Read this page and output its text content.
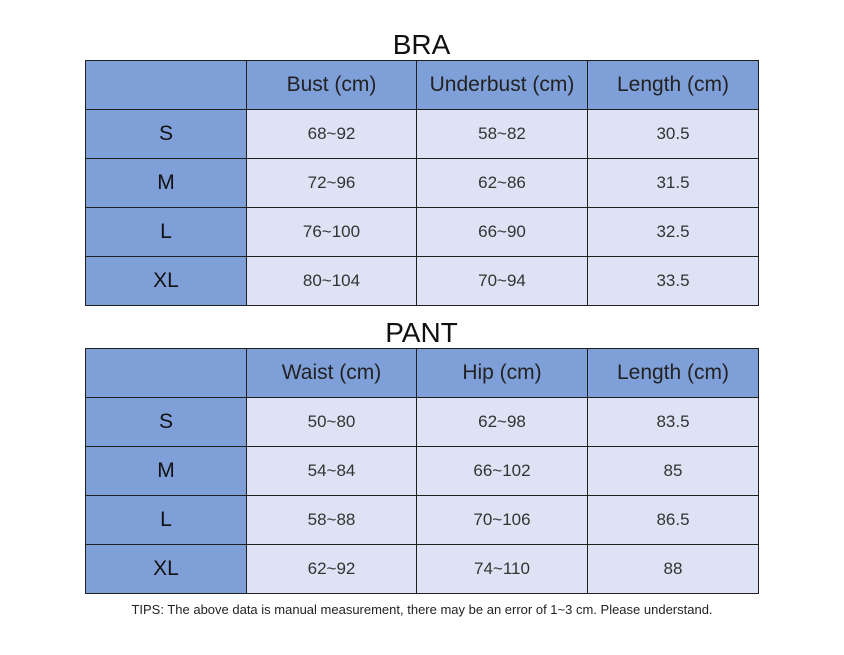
BRA
	Bust (cm)	Underbust (cm)	Length (cm)
S	68~92	58~82	30.5
M	72~96	62~86	31.5
L	76~100	66~90	32.5
XL	80~104	70~94	33.5
PANT
	Waist (cm)	Hip (cm)	Length (cm)
S	50~80	62~98	83.5
M	54~84	66~102	85
L	58~88	70~106	86.5
XL	62~92	74~110	88
TIPS: The above data is manual measurement, there may be an error of 1~3 cm. Please understand.
